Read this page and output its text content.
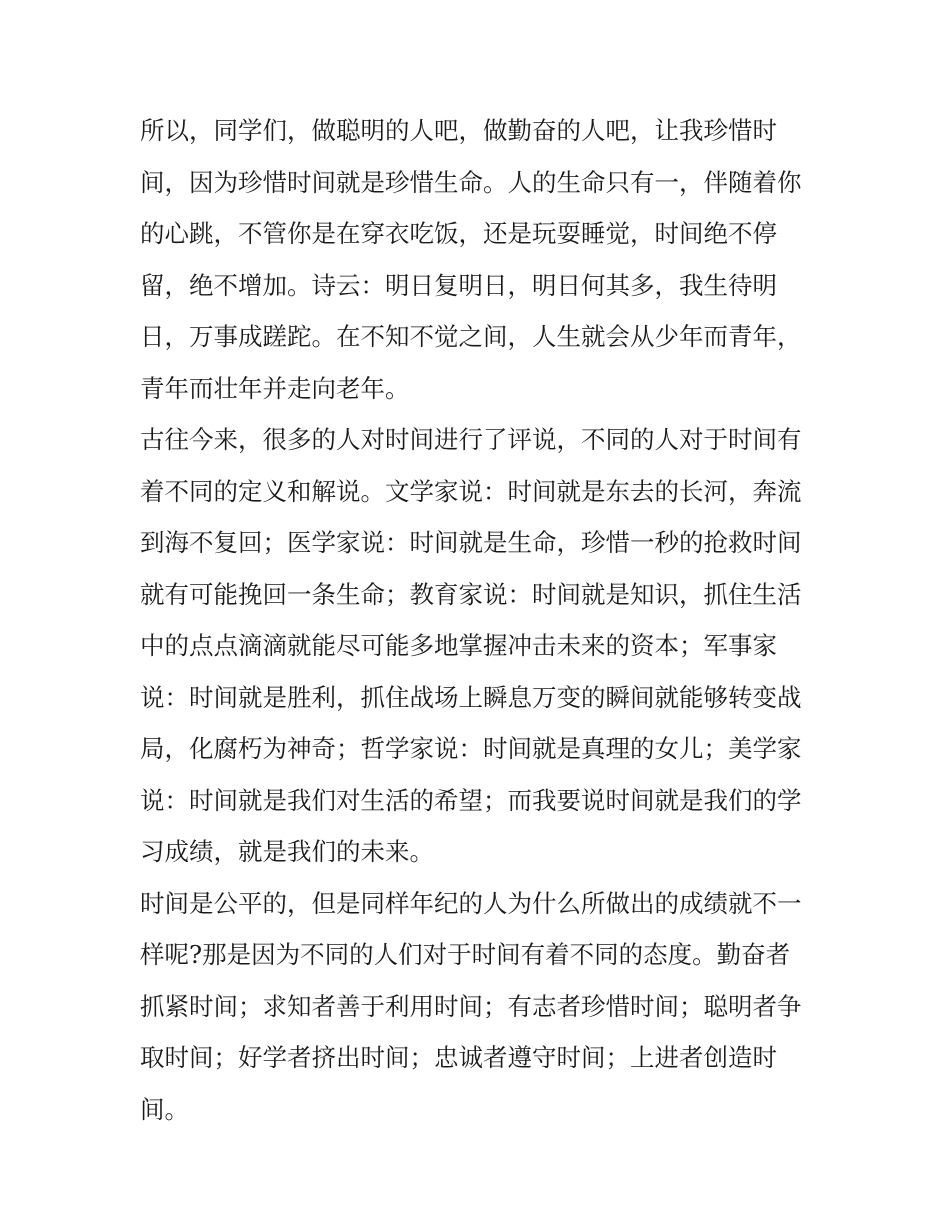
所以，同学们，做聪明的人吧，做勤奋的人吧，让我珍惜时
间，因为珍惜时间就是珍惜生命。人的生命只有一，伴随着你
的心跳，不管你是在穿衣吃饭，还是玩耍睡觉，时间绝不停
留，绝不增加。诗云：明日复明日，明日何其多，我生待明
日，万事成蹉跎。在不知不觉之间，人生就会从少年而青年，
青年而壮年并走向老年。

古往今来，很多的人对时间进行了评说，不同的人对于时间有
着不同的定义和解说。文学家说：时间就是东去的长河，奔流
到海不复回；医学家说：时间就是生命，珍惜一秒的抢救时间
就有可能挽回一条生命；教育家说：时间就是知识，抓住生活
中的点点滴滴就能尽可能多地掌握冲击未来的资本；军事家
说：时间就是胜利，抓住战场上瞬息万变的瞬间就能够转变战
局，化腐朽为神奇；哲学家说：时间就是真理的女儿；美学家
说：时间就是我们对生活的希望；而我要说时间就是我们的学
习成绩，就是我们的未来。

时间是公平的，但是同样年纪的人为什么所做出的成绩就不一
样呢?那是因为不同的人们对于时间有着不同的态度。勤奋者
抓紧时间；求知者善于利用时间；有志者珍惜时间；聪明者争
取时间；好学者挤出时间；忠诚者遵守时间；上进者创造时
间。
